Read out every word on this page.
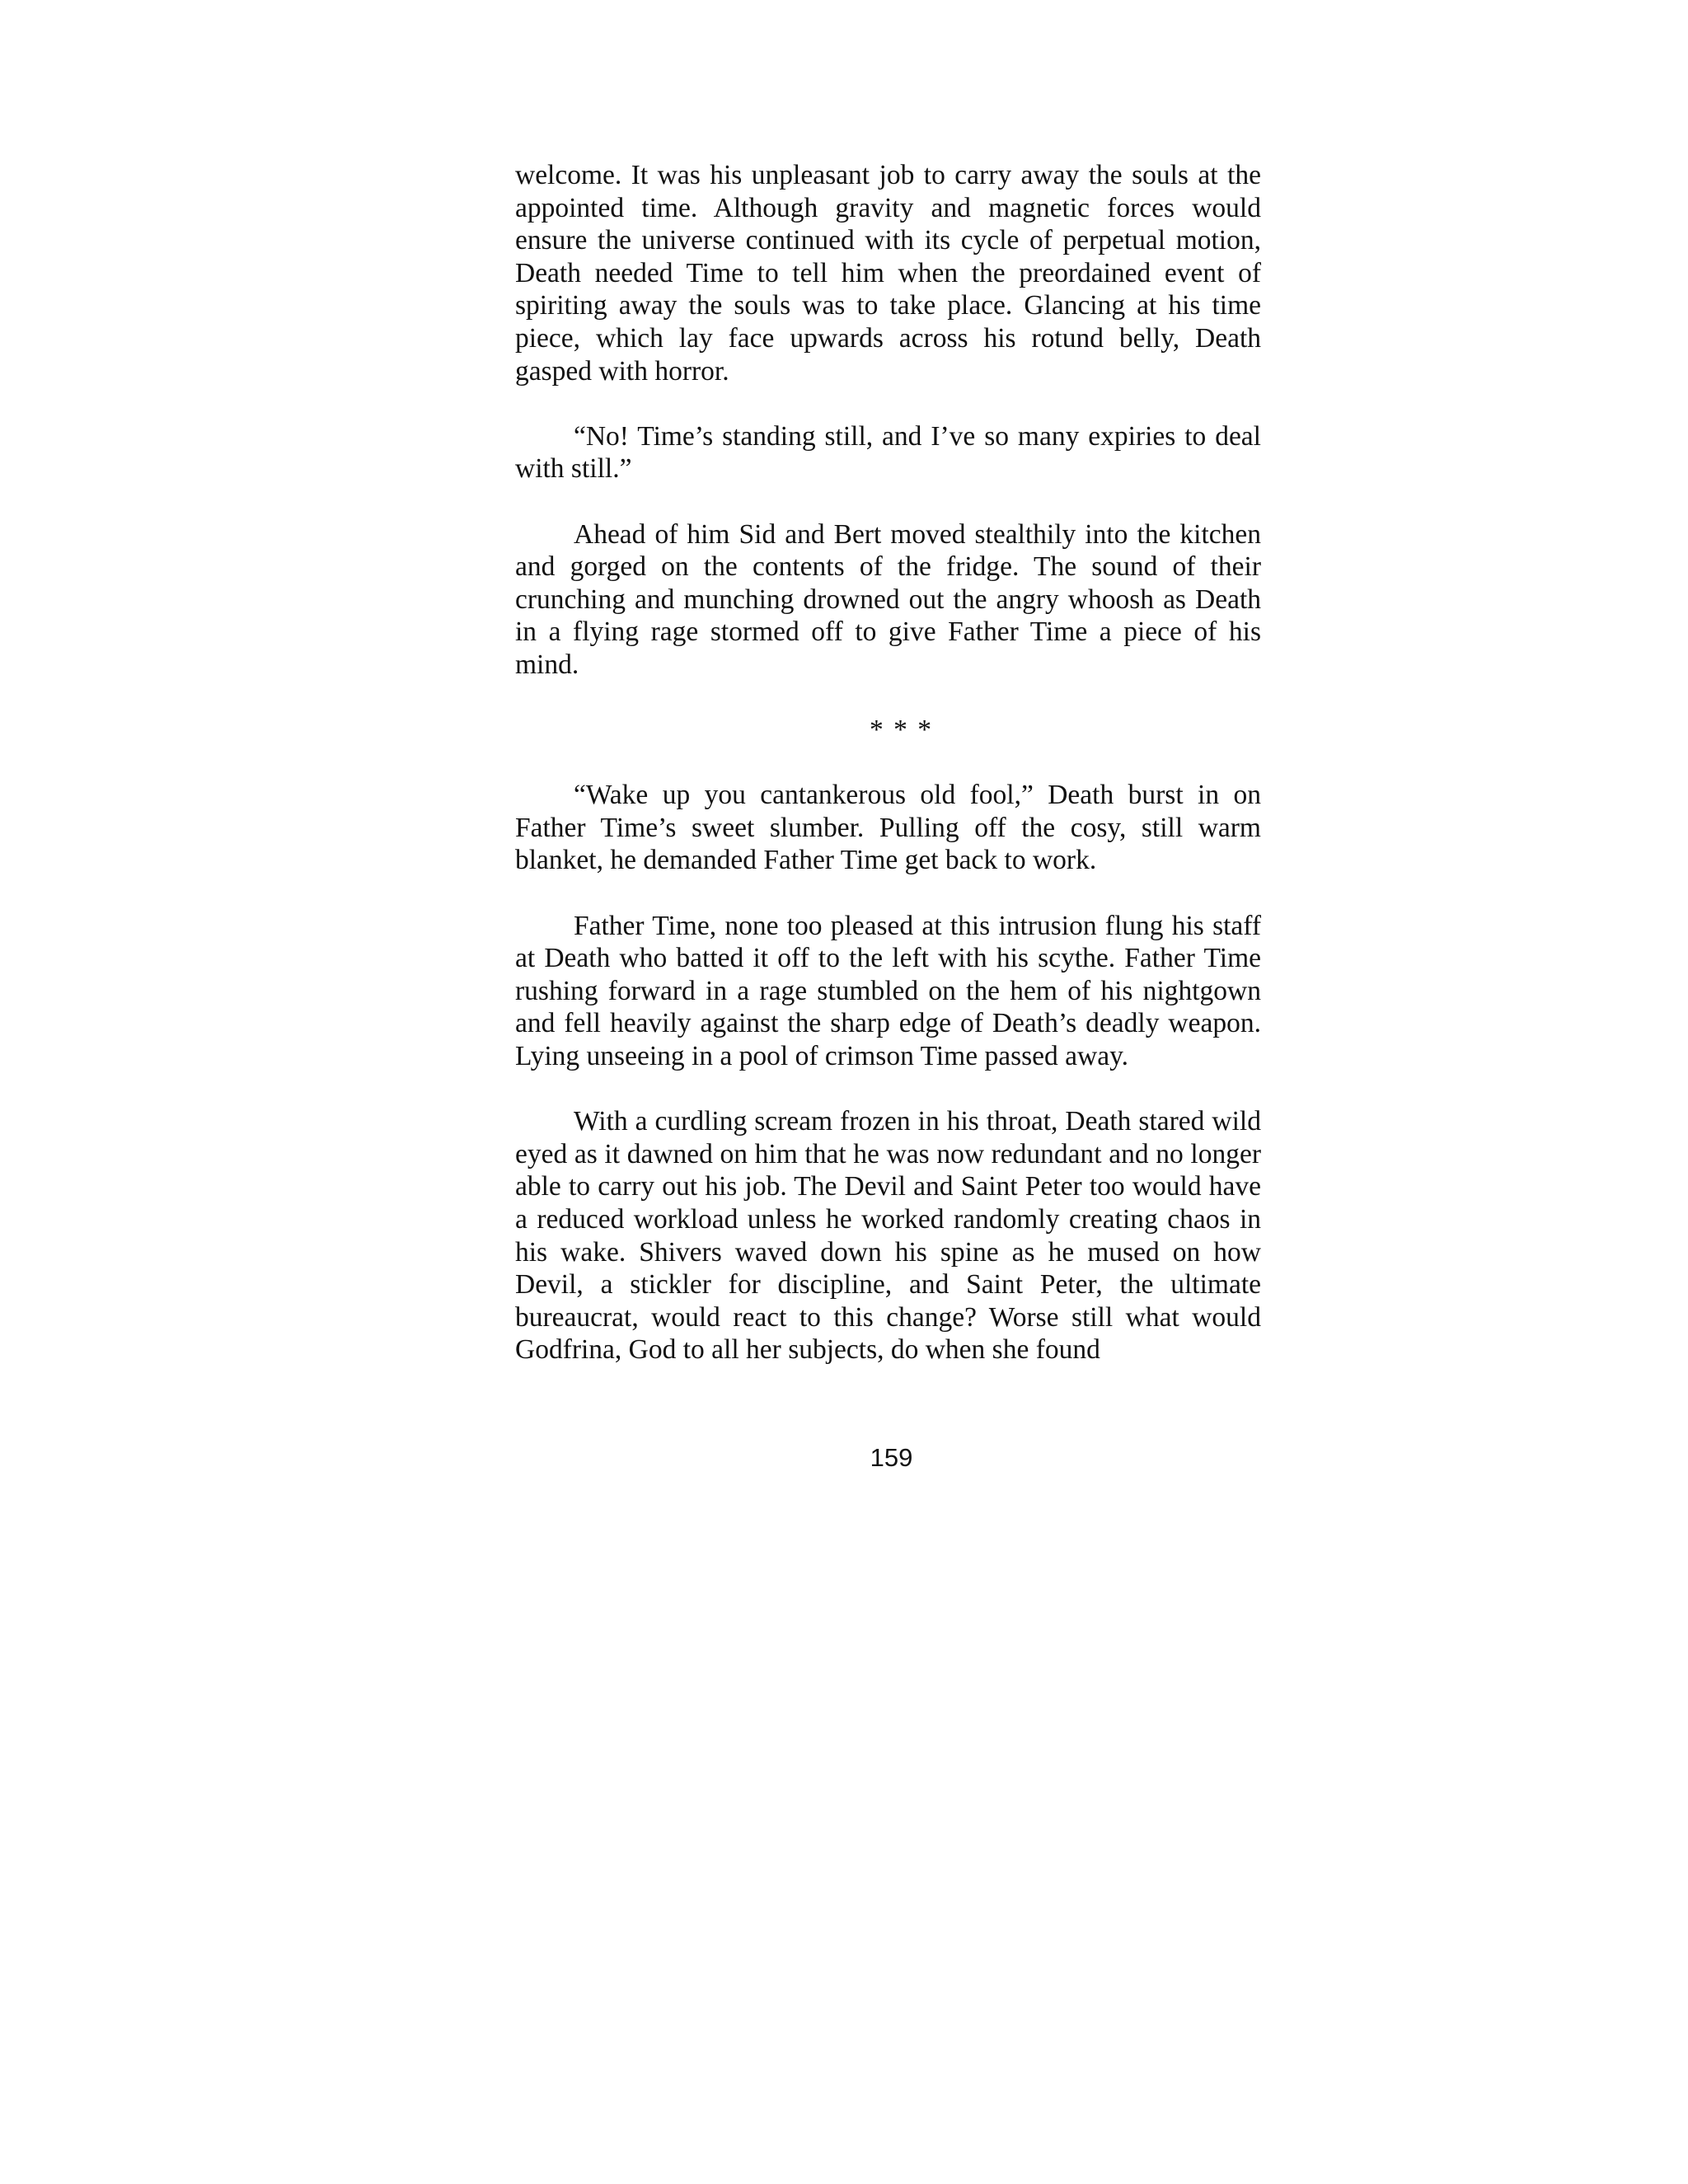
welcome. It was his unpleasant job to carry away the souls at the appointed time. Although gravity and magnetic forces would ensure the universe continued with its cycle of perpetual motion, Death needed Time to tell him when the preordained event of spiriting away the souls was to take place. Glancing at his time piece, which lay face upwards across his rotund belly, Death gasped with horror.

“No! Time’s standing still, and I’ve so many expiries to deal with still.”

Ahead of him Sid and Bert moved stealthily into the kitchen and gorged on the contents of the fridge. The sound of their crunching and munching drowned out the angry whoosh as Death in a flying rage stormed off to give Father Time a piece of his mind.

* * *

“Wake up you cantankerous old fool,” Death burst in on Father Time’s sweet slumber. Pulling off the cosy, still warm blanket, he demanded Father Time get back to work.

Father Time, none too pleased at this intrusion flung his staff at Death who batted it off to the left with his scythe. Father Time rushing forward in a rage stumbled on the hem of his nightgown and fell heavily against the sharp edge of Death’s deadly weapon. Lying unseeing in a pool of crimson Time passed away.

With a curdling scream frozen in his throat, Death stared wild eyed as it dawned on him that he was now redundant and no longer able to carry out his job. The Devil and Saint Peter too would have a reduced workload unless he worked randomly creating chaos in his wake. Shivers waved down his spine as he mused on how Devil, a stickler for discipline, and Saint Peter, the ultimate bureaucrat, would react to this change? Worse still what would Godfrina, God to all her subjects, do when she found

159
